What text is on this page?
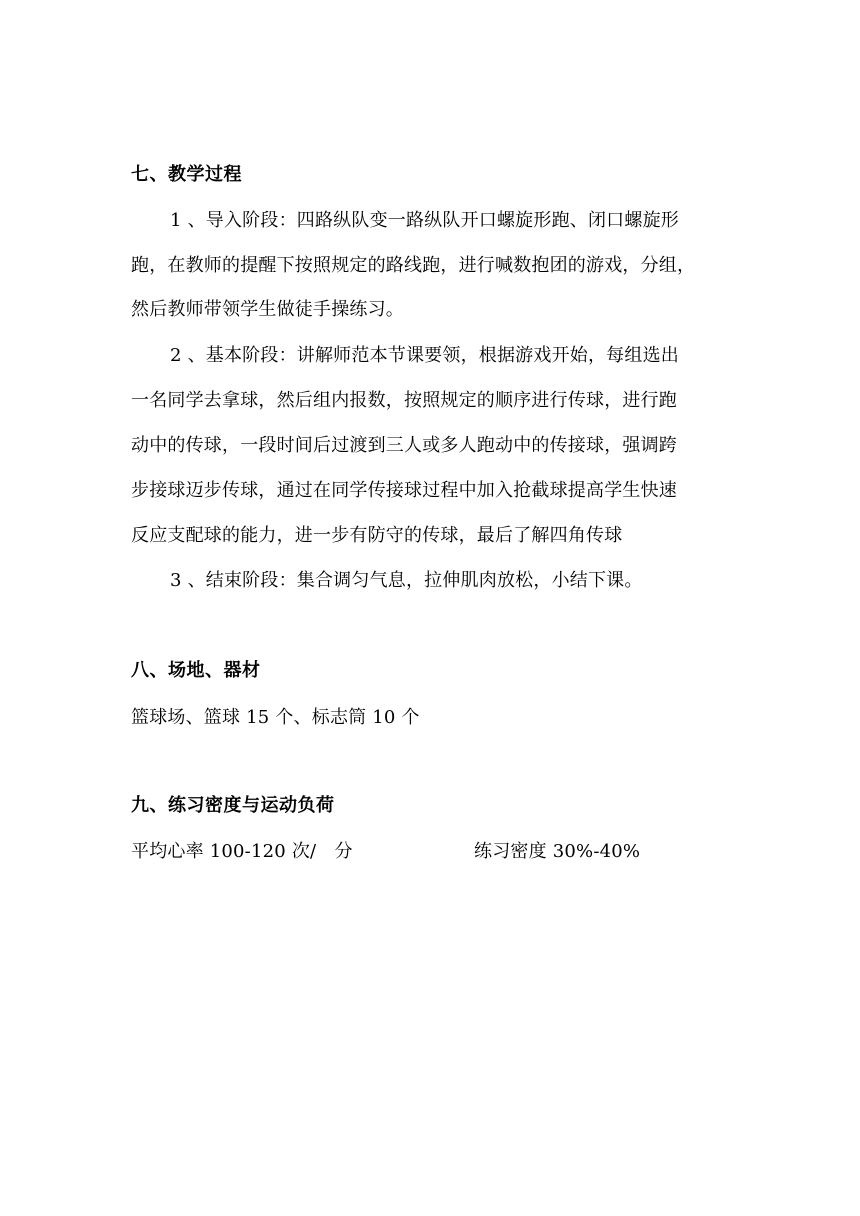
七、教学过程
1 、导入阶段：四路纵队变一路纵队开口螺旋形跑、闭口螺旋形
跑，在教师的提醒下按照规定的路线跑，进行喊数抱团的游戏，分组，
然后教师带领学生做徒手操练习。
2 、基本阶段：讲解师范本节课要领，根据游戏开始，每组选出
一名同学去拿球，然后组内报数，按照规定的顺序进行传球，进行跑
动中的传球，一段时间后过渡到三人或多人跑动中的传接球，强调跨
步接球迈步传球，通过在同学传接球过程中加入抢截球提高学生快速
反应支配球的能力，进一步有防守的传球，最后了解四角传球
3 、结束阶段：集合调匀气息，拉伸肌肉放松，小结下课。
八、场地、器材
篮球场、篮球 15 个、标志筒 10 个
九、练习密度与运动负荷
平均心率 100-120 次/　分	练习密度 30%-40%
